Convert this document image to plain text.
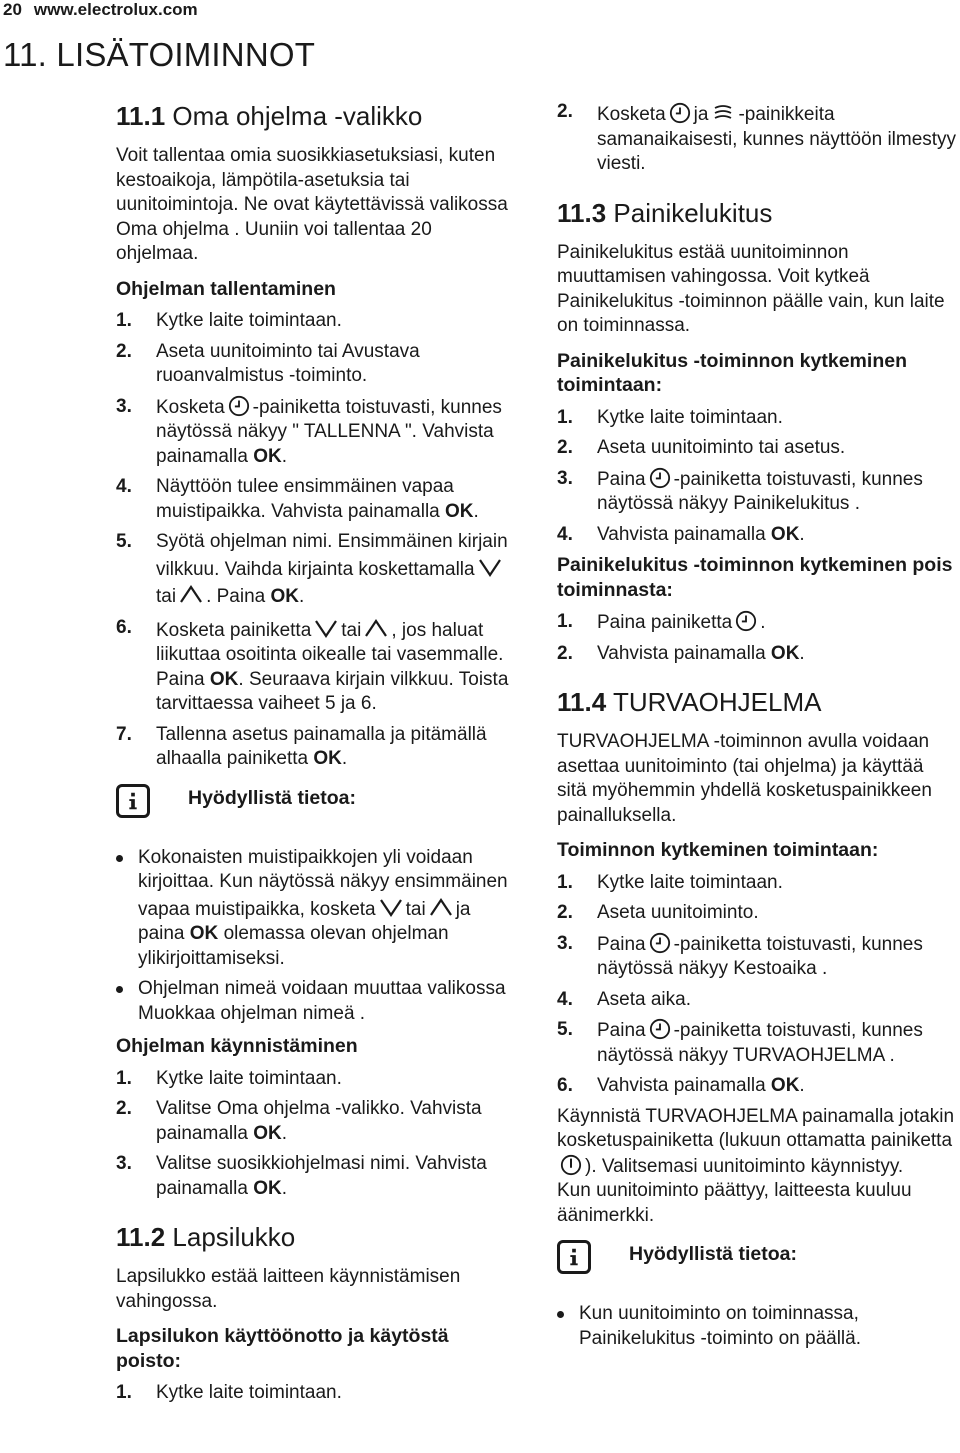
20 www.electrolux.com
11. LISÄTOIMINNOT
11.1 Oma ohjelma -valikko

Voit tallentaa omia suosikkiasetuksiasi, kuten kestoaikoja, lämpötila-asetuksia tai uunitoimintoja. Ne ovat käytettävissä valikossa Oma ohjelma . Uuniin voi tallentaa 20 ohjelmaa.

Ohjelman tallentaminen
1.	Kytke laite toimintaan.
2.	Aseta uunitoiminto tai Avustava ruoanvalmistus -toiminto.
3.	Kosketa -painiketta toistuvasti, kunnes näytössä näkyy " TALLENNA ". Vahvista painamalla OK.
4.	Näyttöön tulee ensimmäinen vapaa muistipaikka. Vahvista painamalla OK.
5.	Syötä ohjelman nimi. Ensimmäinen kirjain vilkkuu. Vaihda kirjainta koskettamallatai . Paina OK.
6.	Kosketa painiketta tai , jos haluat liikuttaa osoitinta oikealle tai vasemmalle. Paina OK. Seuraava kirjain vilkkuu. Toista tarvittaessa vaiheet 5 ja 6.
7.	Tallenna asetus painamalla ja pitämällä alhaalla painiketta OK.
Hyödyllistä tietoa:
Kokonaisten muistipaikkojen yli voidaan kirjoittaa. Kun näytössä näkyy ensimmäinen vapaa muistipaikka, kosketa tai ja paina OK olemassa olevan ohjelman ylikirjoittamiseksi.
Ohjelman nimeä voidaan muuttaa valikossa Muokkaa ohjelman nimeä .
Ohjelman käynnistäminen
1.	Kytke laite toimintaan.
2.	Valitse Oma ohjelma -valikko. Vahvista painamalla OK.
3.	Valitse suosikkiohjelmasi nimi. Vahvista painamalla OK.
11.2 Lapsilukko

Lapsilukko estää laitteen käynnistämisen vahingossa.

Lapsilukon käyttöönotto ja käytöstä poisto:
1.	Kytke laite toimintaan.
2.	Kosketa ja -painikkeita samanaikaisesti, kunnes näyttöön ilmestyy viesti.
11.3 Painikelukitus

Painikelukitus estää uunitoiminnon muuttamisen vahingossa. Voit kytkeä Painikelukitus -toiminnon päälle vain, kun laite on toiminnassa.

Painikelukitus -toiminnon kytkeminen toimintaan:
1.	Kytke laite toimintaan.
2.	Aseta uunitoiminto tai asetus.
3.	Paina -painiketta toistuvasti, kunnes näytössä näkyy Painikelukitus .
4.	Vahvista painamalla OK.
Painikelukitus -toiminnon kytkeminen pois toiminnasta:
1.	Paina painiketta .
2.	Vahvista painamalla OK.
11.4 TURVAOHJELMA

TURVAOHJELMA -toiminnon avulla voidaan asettaa uunitoiminto (tai ohjelma) ja käyttää sitä myöhemmin yhdellä kosketuspainikkeen painalluksella.

Toiminnon kytkeminen toimintaan:
1.	Kytke laite toimintaan.
2.	Aseta uunitoiminto.
3.	Paina -painiketta toistuvasti, kunnes näytössä näkyy Kestoaika .
4.	Aseta aika.
5.	Paina -painiketta toistuvasti, kunnes näytössä näkyy TURVAOHJELMA .
6.	Vahvista painamalla OK.

Käynnistä TURVAOHJELMA painamalla jotakin kosketuspainiketta (lukuun ottamatta painiketta). Valitsemasi uunitoiminto käynnistyy.

Kun uunitoiminto päättyy, laitteesta kuuluu äänimerkki.

Hyödyllistä tietoa:
Kun uunitoiminto on toiminnassa, Painikelukitus -toiminto on päällä.
